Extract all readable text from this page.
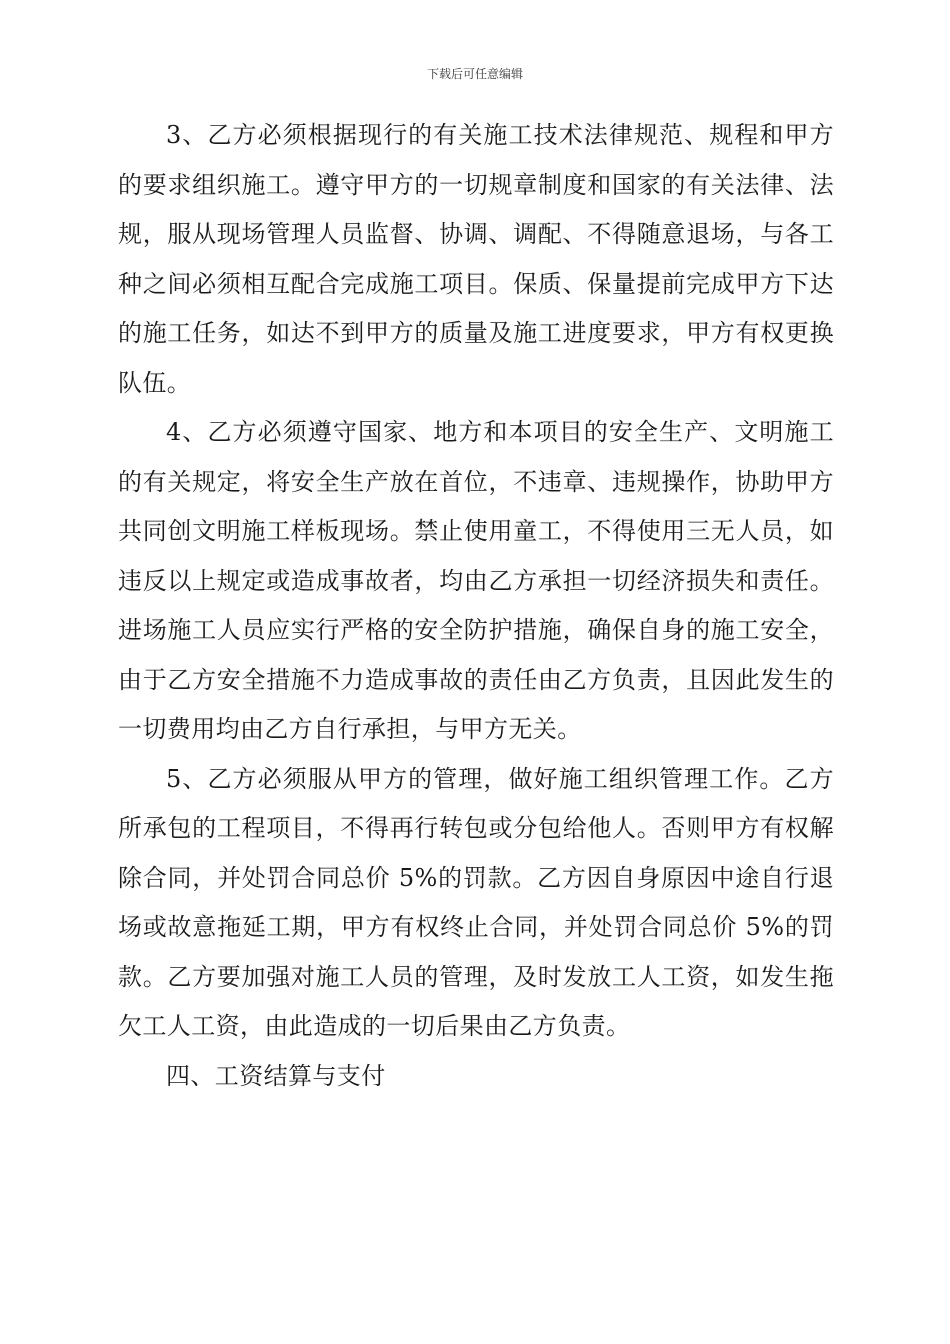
下载后可任意编辑

3、乙方必须根据现行的有关施工技术法律规范、规程和甲方的要求组织施工。遵守甲方的一切规章制度和国家的有关法律、法规，服从现场管理人员监督、协调、调配、不得随意退场，与各工种之间必须相互配合完成施工项目。保质、保量提前完成甲方下达的施工任务，如达不到甲方的质量及施工进度要求，甲方有权更换队伍。

4、乙方必须遵守国家、地方和本项目的安全生产、文明施工的有关规定，将安全生产放在首位，不违章、违规操作，协助甲方共同创文明施工样板现场。禁止使用童工，不得使用三无人员，如违反以上规定或造成事故者，均由乙方承担一切经济损失和责任。进场施工人员应实行严格的安全防护措施，确保自身的施工安全，由于乙方安全措施不力造成事故的责任由乙方负责，且因此发生的一切费用均由乙方自行承担，与甲方无关。

5、乙方必须服从甲方的管理，做好施工组织管理工作。乙方所承包的工程项目，不得再行转包或分包给他人。否则甲方有权解除合同，并处罚合同总价 5%的罚款。乙方因自身原因中途自行退场或故意拖延工期，甲方有权终止合同，并处罚合同总价 5%的罚款。乙方要加强对施工人员的管理，及时发放工人工资，如发生拖欠工人工资，由此造成的一切后果由乙方负责。

四、工资结算与支付
